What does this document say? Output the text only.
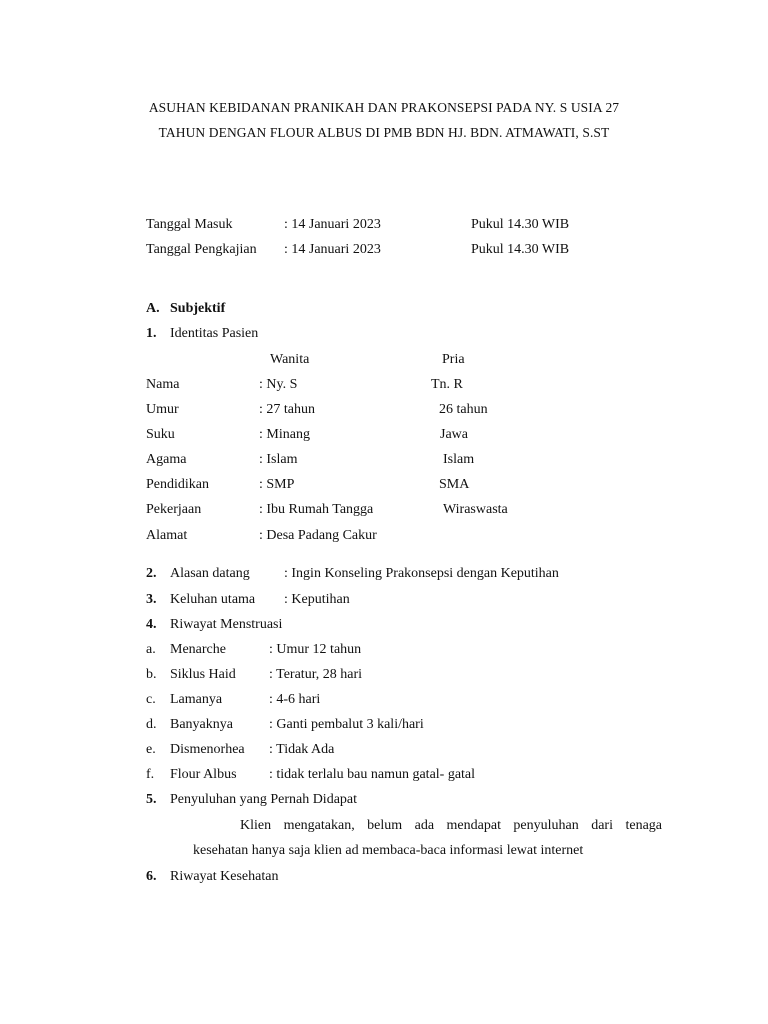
ASUHAN KEBIDANAN PRANIKAH DAN PRAKONSEPSI PADA NY. S USIA 27
TAHUN DENGAN FLOUR ALBUS DI PMB BDN HJ. BDN. ATMAWATI, S.ST
Tanggal Masuk	: 14 Januari 2023	Pukul 14.30 WIB
Tanggal Pengkajian : 14 Januari 2023	Pukul 14.30 WIB
A. Subjektif
1. Identitas Pasien
Wanita	Pria
Nama	: Ny. S	Tn. R
Umur	: 27 tahun	26 tahun
Suku	: Minang	Jawa
Agama	: Islam	Islam
Pendidikan	: SMP	SMA
Pekerjaan	: Ibu Rumah Tangga	Wiraswasta
Alamat	: Desa Padang Cakur
2. Alasan datang : Ingin Konseling Prakonsepsi dengan Keputihan
3. Keluhan utama : Keputihan
4. Riwayat Menstruasi
a. Menarche	: Umur 12 tahun
b. Siklus Haid : Teratur, 28 hari
c. Lamanya	: 4-6 hari
d. Banyaknya	: Ganti pembalut 3 kali/hari
e. Dismenorhea : Tidak Ada
f. Flour Albus : tidak terlalu bau namun gatal- gatal
5. Penyuluhan yang Pernah Didapat
Klien mengatakan, belum ada mendapat penyuluhan dari tenaga
kesehatan hanya saja klien ad membaca-baca informasi lewat internet
6. Riwayat Kesehatan
